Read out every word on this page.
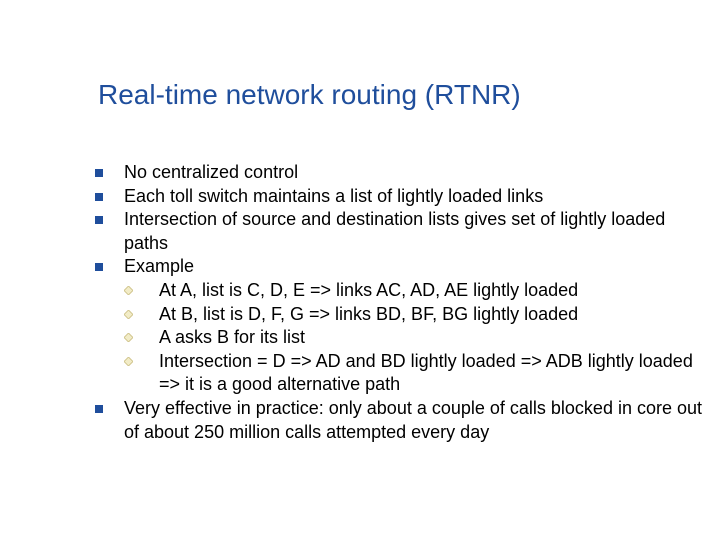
Real-time network routing (RTNR)
No centralized control
Each toll switch maintains a list of lightly loaded links
Intersection of source and destination lists gives set of lightly loaded paths
Example
At A, list is C, D, E => links AC, AD, AE lightly loaded
At B, list is D, F, G => links BD, BF, BG lightly loaded
A asks B for its list
Intersection = D => AD and BD lightly loaded => ADB lightly loaded => it is a good alternative path
Very effective in practice: only about a couple of calls blocked in core out of about 250 million calls attempted every day
